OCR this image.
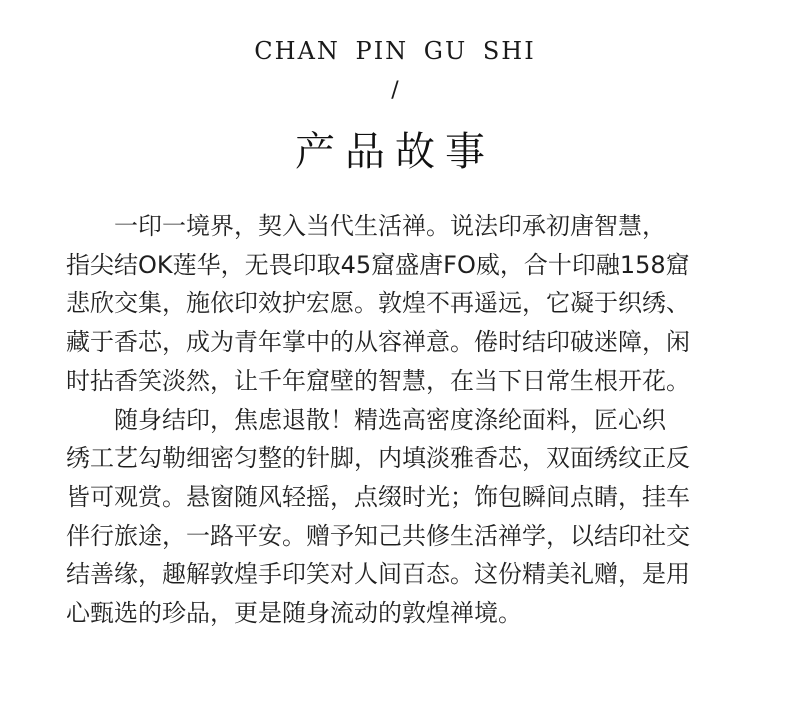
CHAN PIN GU SHI
/
产品故事

一印一境界，契入当代生活禅。说法印承初唐智慧，
指尖结OK莲华，无畏印取45窟盛唐FO威，合十印融158窟
悲欣交集，施依印效护宏愿。敦煌不再遥远，它凝于织绣、
藏于香芯，成为青年掌中的从容禅意。倦时结印破迷障，闲
时拈香笑淡然，让千年窟壁的智慧，在当下日常生根开花。

随身结印，焦虑退散！精选高密度涤纶面料，匠心织
绣工艺勾勒细密匀整的针脚，内填淡雅香芯，双面绣纹正反
皆可观赏。悬窗随风轻摇，点缀时光；饰包瞬间点睛，挂车
伴行旅途，一路平安。赠予知己共修生活禅学，以结印社交
结善缘，趣解敦煌手印笑对人间百态。这份精美礼赠，是用
心甄选的珍品，更是随身流动的敦煌禅境。
